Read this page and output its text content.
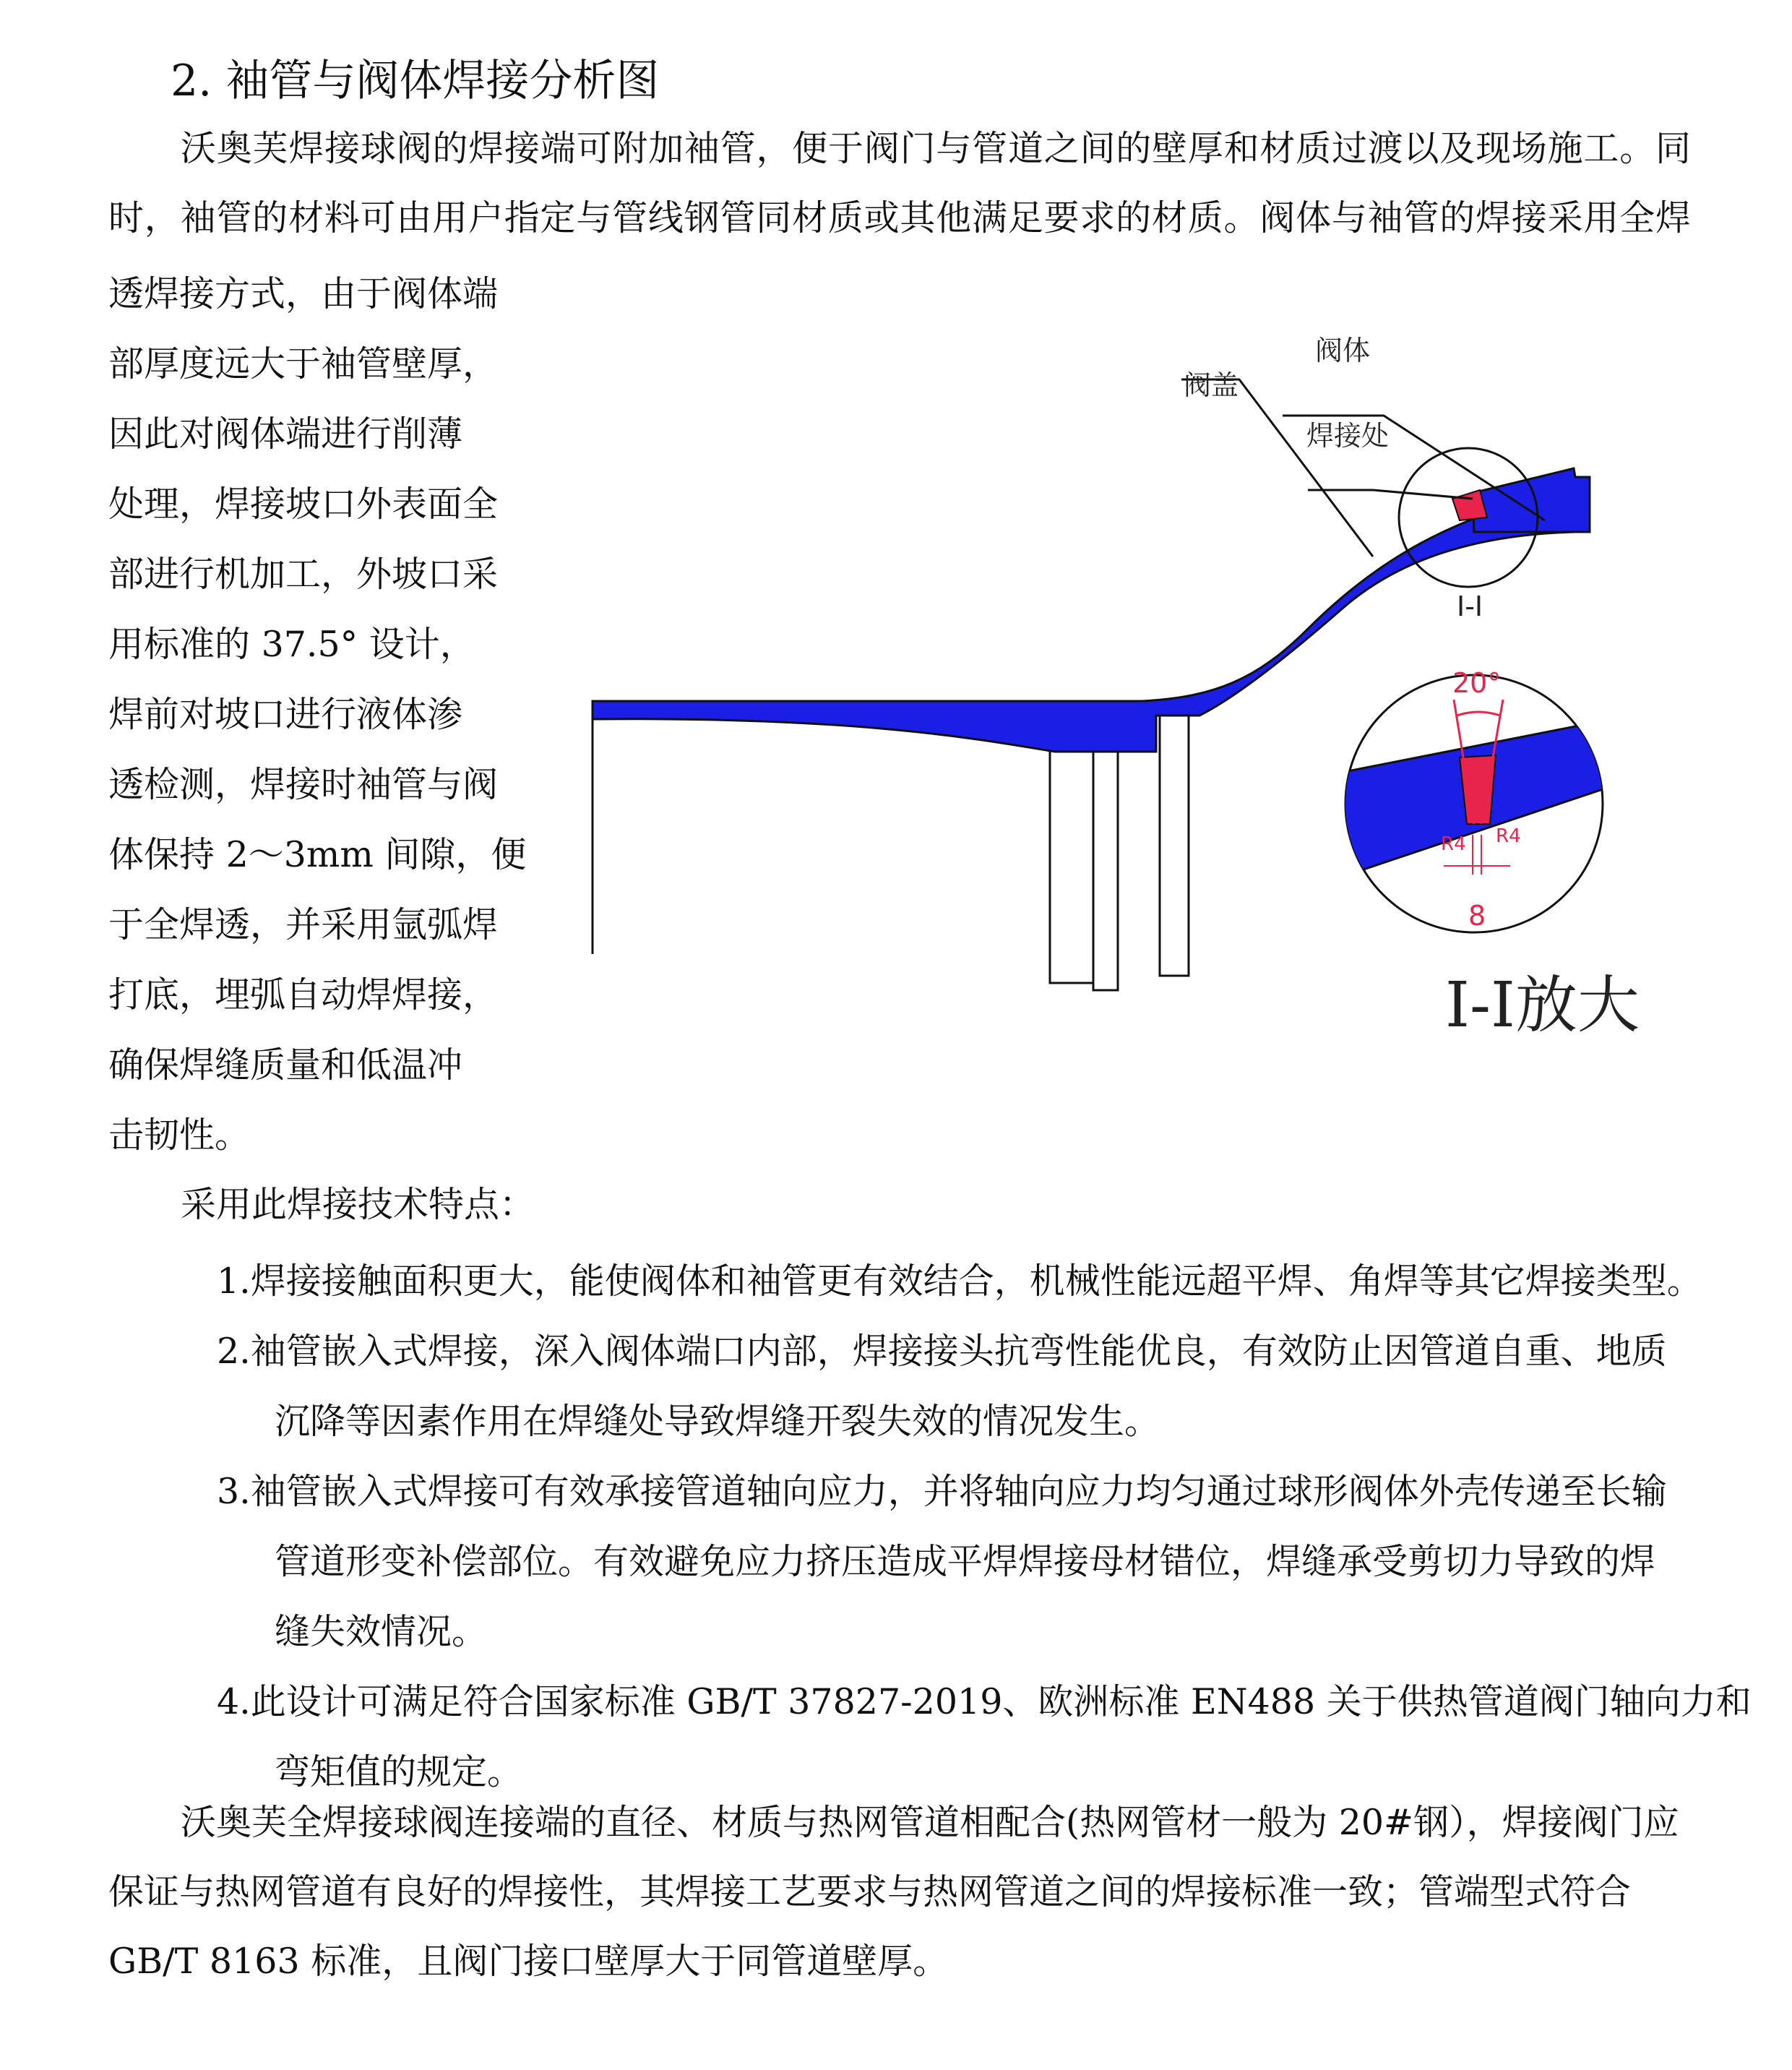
2. 袖管与阀体焊接分析图
沃奥芙焊接球阀的焊接端可附加袖管，便于阀门与管道之间的壁厚和材质过渡以及现场施工。同
时，袖管的材料可由用户指定与管线钢管同材质或其他满足要求的材质。阀体与袖管的焊接采用全焊
透焊接方式，由于阀体端
部厚度远大于袖管壁厚，
因此对阀体端进行削薄
处理，焊接坡口外表面全
部进行机加工，外坡口采
用标准的 37.5° 设计，
焊前对坡口进行液体渗
透检测，焊接时袖管与阀
体保持 2～3mm 间隙，便
于全焊透，并采用氩弧焊
打底，埋弧自动焊焊接，
确保焊缝质量和低温冲
击韧性。
阀体
阀盖
焊接处
I-I
20°
R4 R4
8
I-I放大
采用此焊接技术特点：
1.焊接接触面积更大，能使阀体和袖管更有效结合，机械性能远超平焊、角焊等其它焊接类型。
2.袖管嵌入式焊接，深入阀体端口内部，焊接接头抗弯性能优良，有效防止因管道自重、地质
沉降等因素作用在焊缝处导致焊缝开裂失效的情况发生。
3.袖管嵌入式焊接可有效承接管道轴向应力，并将轴向应力均匀通过球形阀体外壳传递至长输
管道形变补偿部位。有效避免应力挤压造成平焊焊接母材错位，焊缝承受剪切力导致的焊
缝失效情况。
4.此设计可满足符合国家标准 GB/T 37827-2019、欧洲标准 EN488 关于供热管道阀门轴向力和
弯矩值的规定。
沃奥芙全焊接球阀连接端的直径、材质与热网管道相配合(热网管材一般为 20#钢），焊接阀门应
保证与热网管道有良好的焊接性，其焊接工艺要求与热网管道之间的焊接标准一致；管端型式符合
GB/T 8163 标准，且阀门接口壁厚大于同管道壁厚。
